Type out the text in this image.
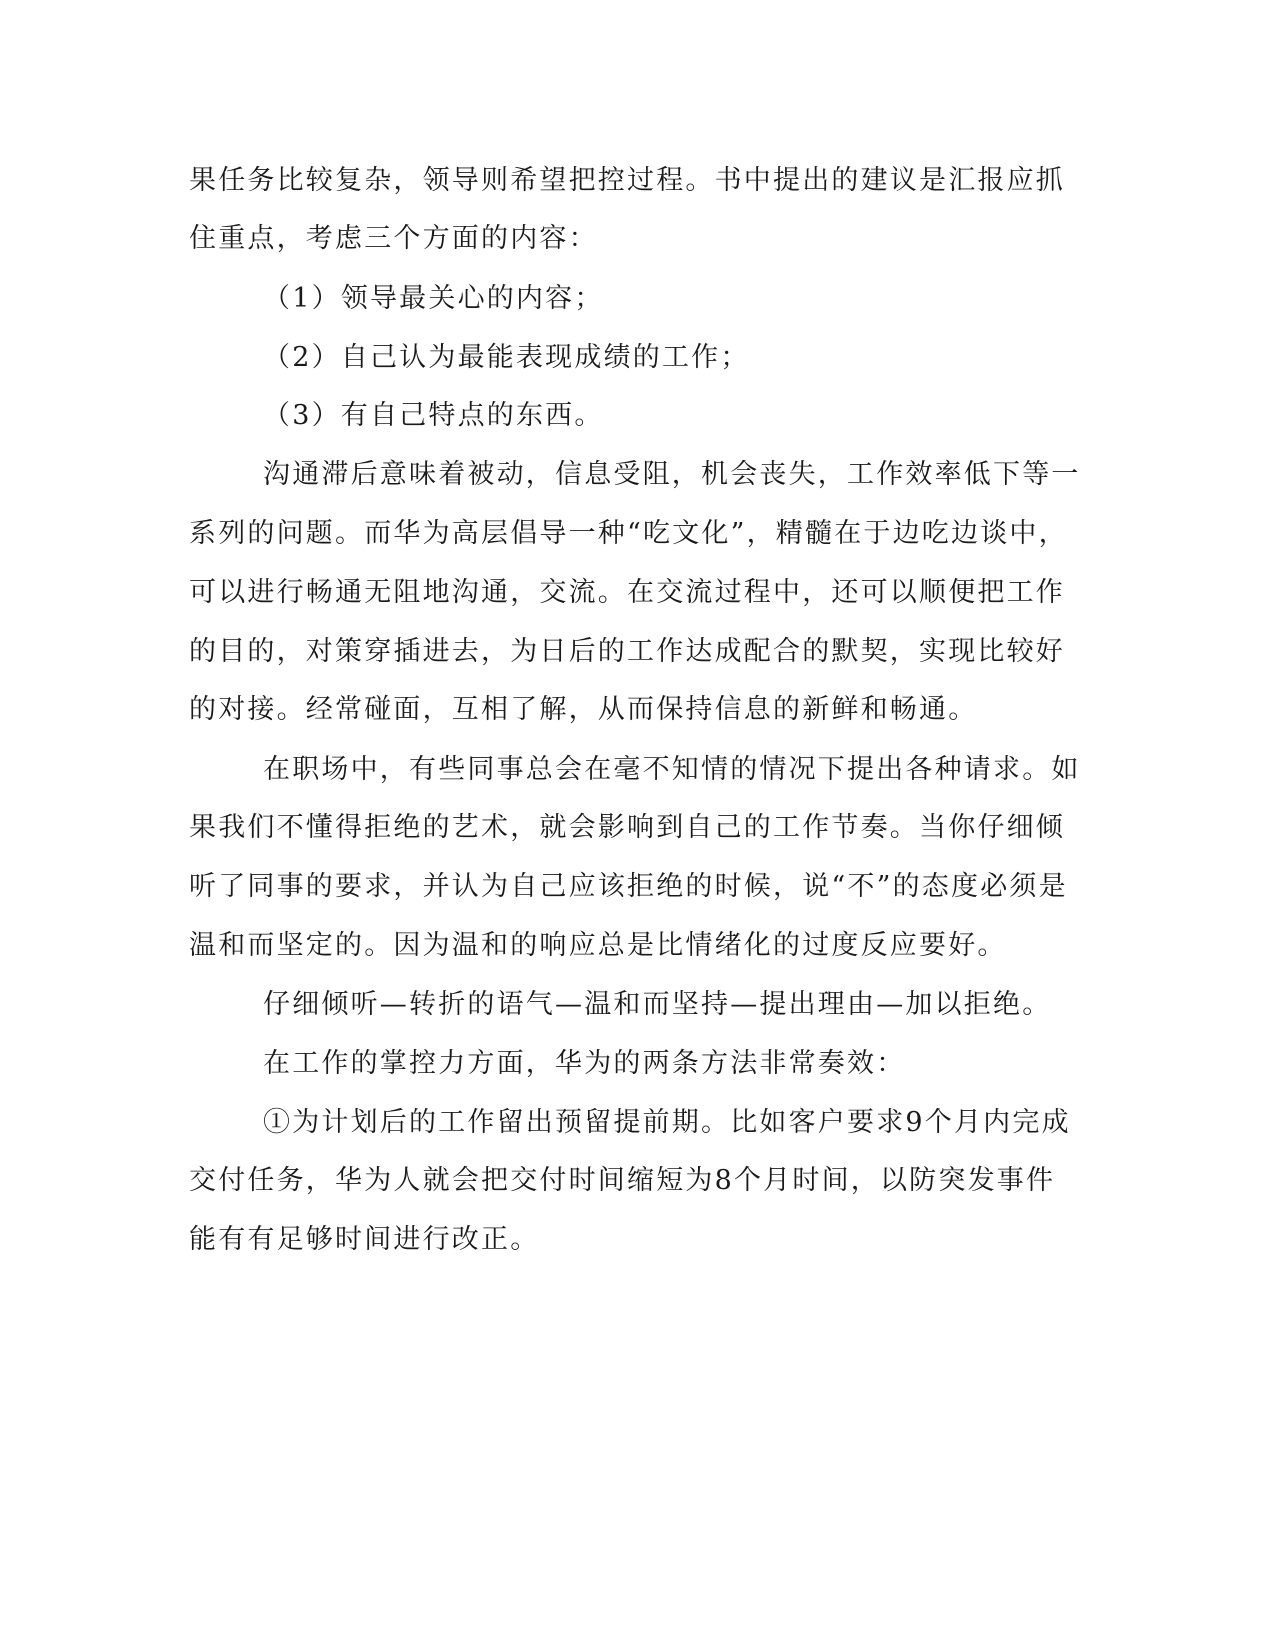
果任务比较复杂，领导则希望把控过程。书中提出的建议是汇报应抓
住重点，考虑三个方面的内容：
（1）领导最关心的内容；
（2）自己认为最能表现成绩的工作；
（3）有自己特点的东西。
沟通滞后意味着被动，信息受阻，机会丧失，工作效率低下等一
系列的问题。而华为高层倡导一种“吃文化”，精髓在于边吃边谈中，
可以进行畅通无阻地沟通，交流。在交流过程中，还可以顺便把工作
的目的，对策穿插进去，为日后的工作达成配合的默契，实现比较好
的对接。经常碰面，互相了解，从而保持信息的新鲜和畅通。
在职场中，有些同事总会在毫不知情的情况下提出各种请求。如
果我们不懂得拒绝的艺术，就会影响到自己的工作节奏。当你仔细倾
听了同事的要求，并认为自己应该拒绝的时候，说“不”的态度必须是
温和而坚定的。因为温和的响应总是比情绪化的过度反应要好。
仔细倾听—转折的语气—温和而坚持—提出理由—加以拒绝。
在工作的掌控力方面，华为的两条方法非常奏效：
①为计划后的工作留出预留提前期。比如客户要求9个月内完成
交付任务，华为人就会把交付时间缩短为8个月时间，以防突发事件
能有有足够时间进行改正。
